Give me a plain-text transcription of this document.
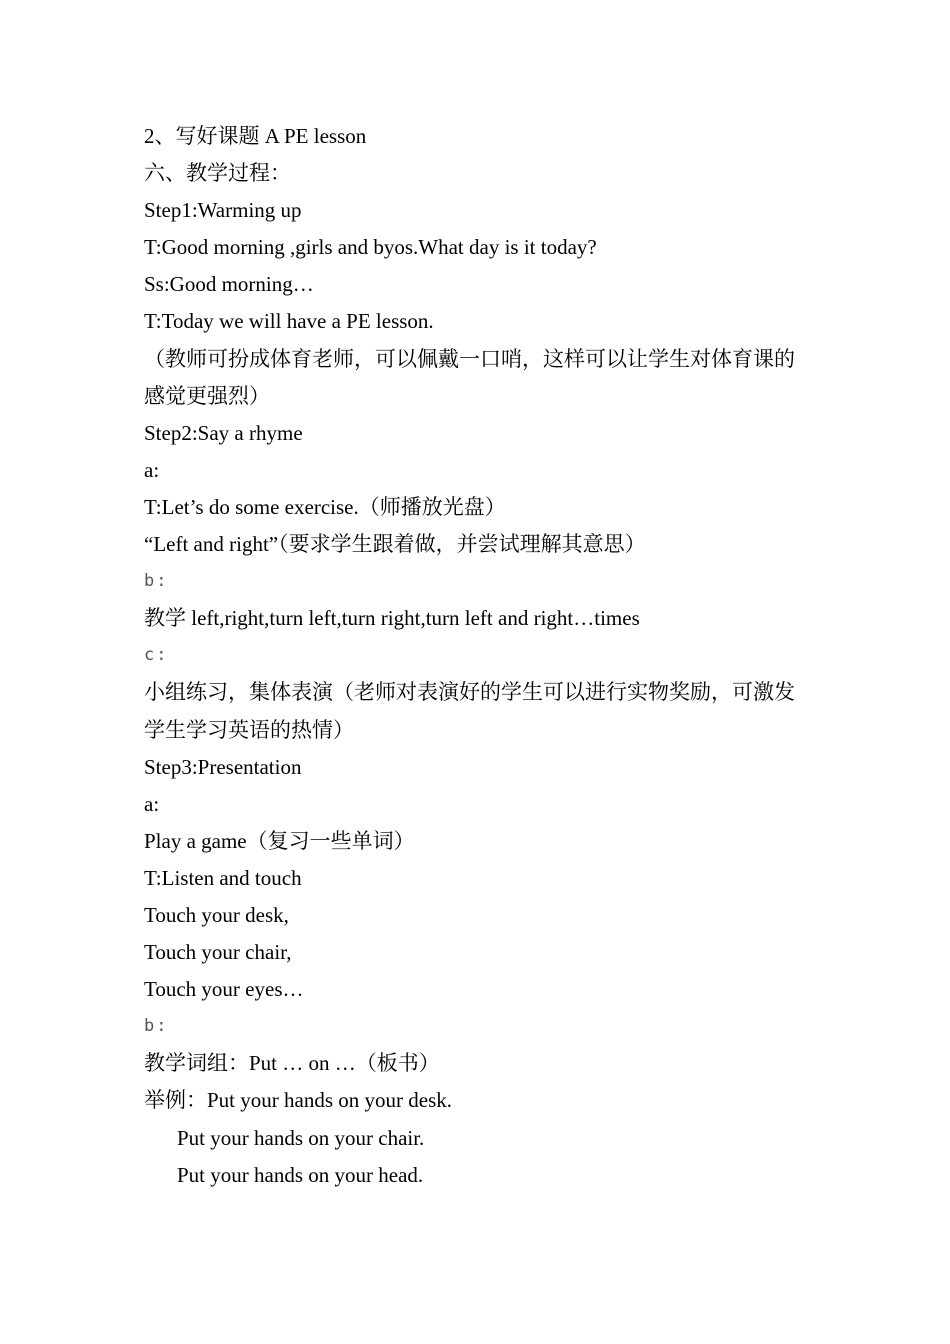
2、写好课题 A PE lesson
六、教学过程：
Step1:Warming up
T:Good morning ,girls and byos.What day is it today?
Ss:Good morning…
T:Today we will have a PE lesson.
（教师可扮成体育老师，可以佩戴一口哨，这样可以让学生对体育课的感觉更强烈）
Step2:Say a rhyme
a:
T:Let’s do some exercise.（师播放光盘）
“Left and right”（要求学生跟着做，并尝试理解其意思）
b:
教学 left,right,turn left,turn right,turn left and right…times
c:
小组练习，集体表演（老师对表演好的学生可以进行实物奖励，可激发学生学习英语的热情）
Step3:Presentation
a:
Play a game（复习一些单词）
T:Listen and touch
Touch your desk,
Touch your chair,
Touch your eyes…
b:
教学词组：Put … on …（板书）
举例：Put your hands on your desk.
Put your hands on your chair.
Put your hands on your head.
